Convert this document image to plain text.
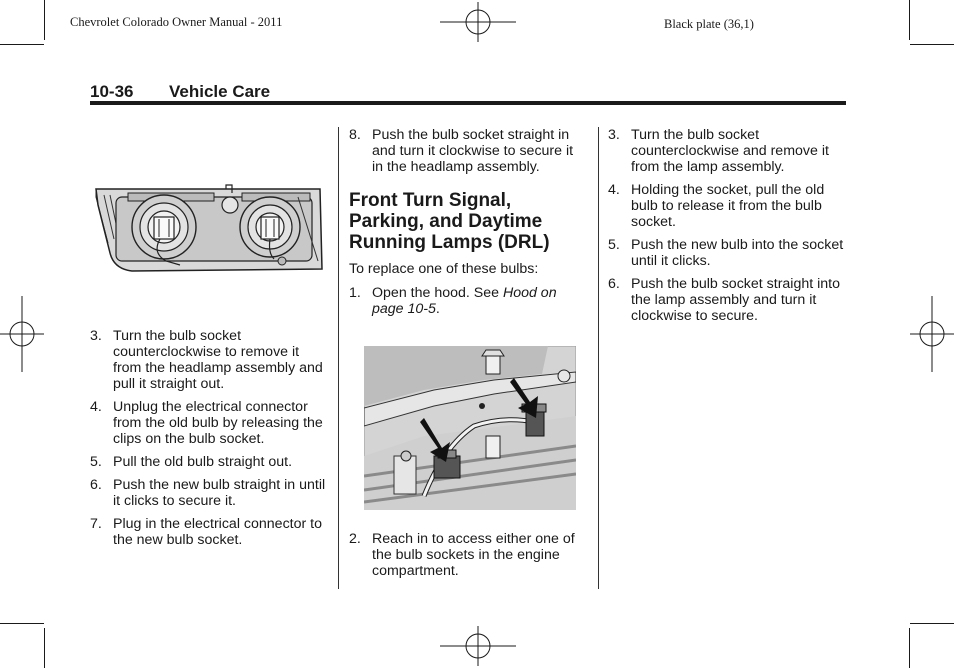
Chevrolet Colorado Owner Manual - 2011	Black plate (36,1)
10-36 Vehicle Care
3. Turn the bulb socket counterclockwise to remove it from the headlamp assembly and pull it straight out.
4. Unplug the electrical connector from the old bulb by releasing the clips on the bulb socket.
5. Pull the old bulb straight out.
6. Push the new bulb straight in until it clicks to secure it.
7. Plug in the electrical connector to the new bulb socket.
8. Push the bulb socket straight in and turn it clockwise to secure it in the headlamp assembly.
Front Turn Signal, Parking, and Daytime Running Lamps (DRL)

To replace one of these bulbs:

1. Open the hood. See Hood on page 10-5.
2. Reach in to access either one of the bulb sockets in the engine compartment.
3. Turn the bulb socket counterclockwise and remove it from the lamp assembly.
4. Holding the socket, pull the old bulb to release it from the bulb socket.
5. Push the new bulb into the socket until it clicks.
6. Push the bulb socket straight into the lamp assembly and turn it clockwise to secure.
